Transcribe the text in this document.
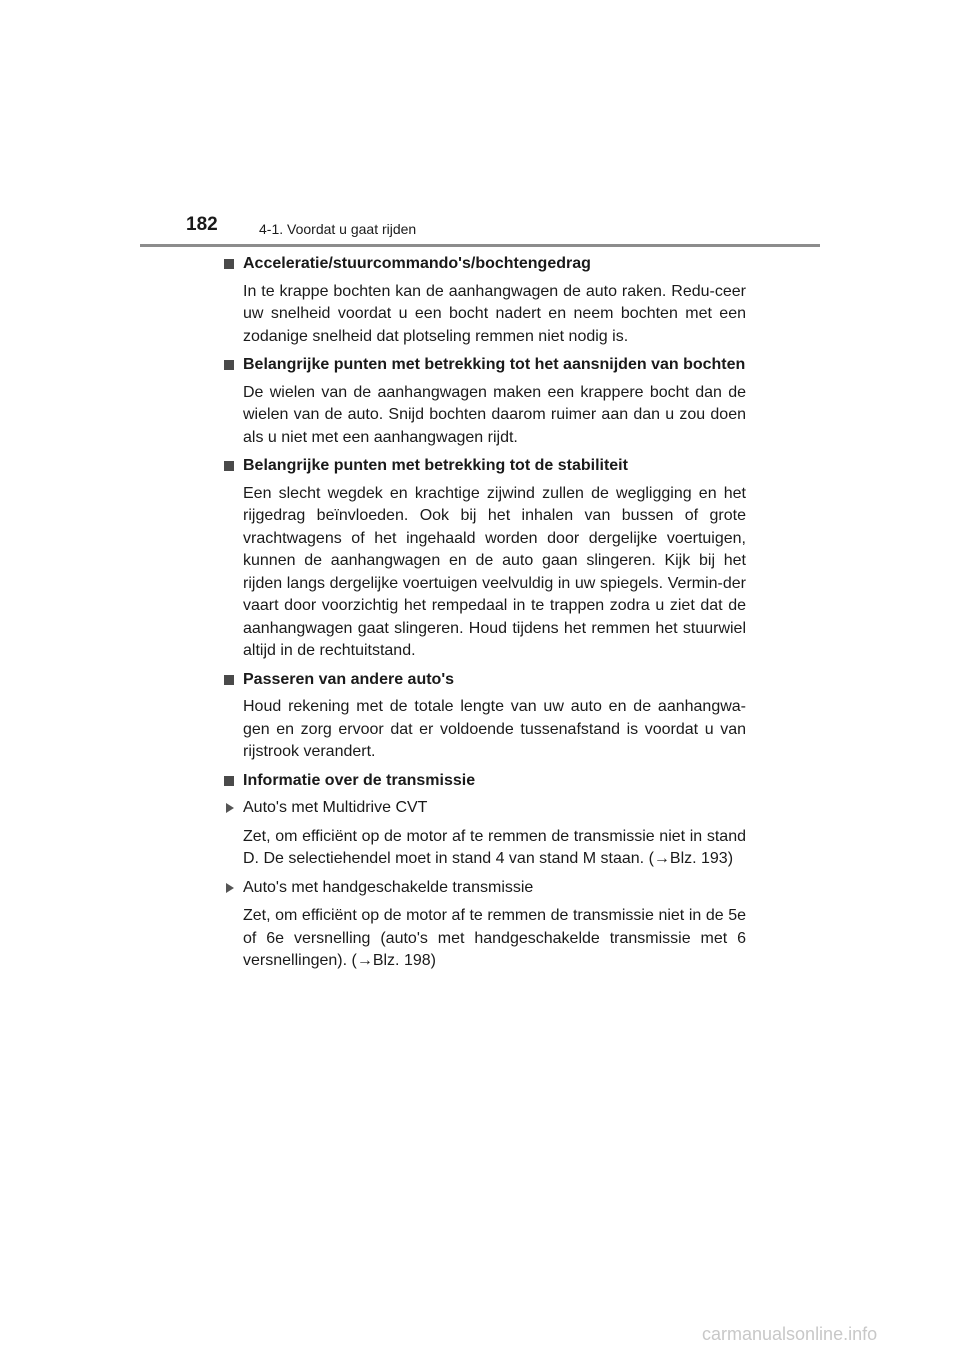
182	4-1. Voordat u gaat rijden
Acceleratie/stuurcommando's/bochtengedrag
In te krappe bochten kan de aanhangwagen de auto raken. Redu-ceer uw snelheid voordat u een bocht nadert en neem bochten met een zodanige snelheid dat plotseling remmen niet nodig is.
Belangrijke punten met betrekking tot het aansnijden van bochten
De wielen van de aanhangwagen maken een krappere bocht dan de wielen van de auto. Snijd bochten daarom ruimer aan dan u zou doen als u niet met een aanhangwagen rijdt.
Belangrijke punten met betrekking tot de stabiliteit
Een slecht wegdek en krachtige zijwind zullen de wegligging en het rijgedrag beïnvloeden. Ook bij het inhalen van bussen of grote vrachtwagens of het ingehaald worden door dergelijke voertuigen, kunnen de aanhangwagen en de auto gaan slingeren. Kijk bij het rijden langs dergelijke voertuigen veelvuldig in uw spiegels. Vermin-der vaart door voorzichtig het rempedaal in te trappen zodra u ziet dat de aanhangwagen gaat slingeren. Houd tijdens het remmen het stuurwiel altijd in de rechtuitstand.
Passeren van andere auto's
Houd rekening met de totale lengte van uw auto en de aanhangwa-gen en zorg ervoor dat er voldoende tussenafstand is voordat u van rijstrook verandert.
Informatie over de transmissie
Auto's met Multidrive CVT
Zet, om efficiënt op de motor af te remmen de transmissie niet in stand D. De selectiehendel moet in stand 4 van stand M staan. (→Blz. 193)
Auto's met handgeschakelde transmissie
Zet, om efficiënt op de motor af te remmen de transmissie niet in de 5e of 6e versnelling (auto's met handgeschakelde transmissie met 6 versnellingen). (→Blz. 198)
carmanualsonline.info
